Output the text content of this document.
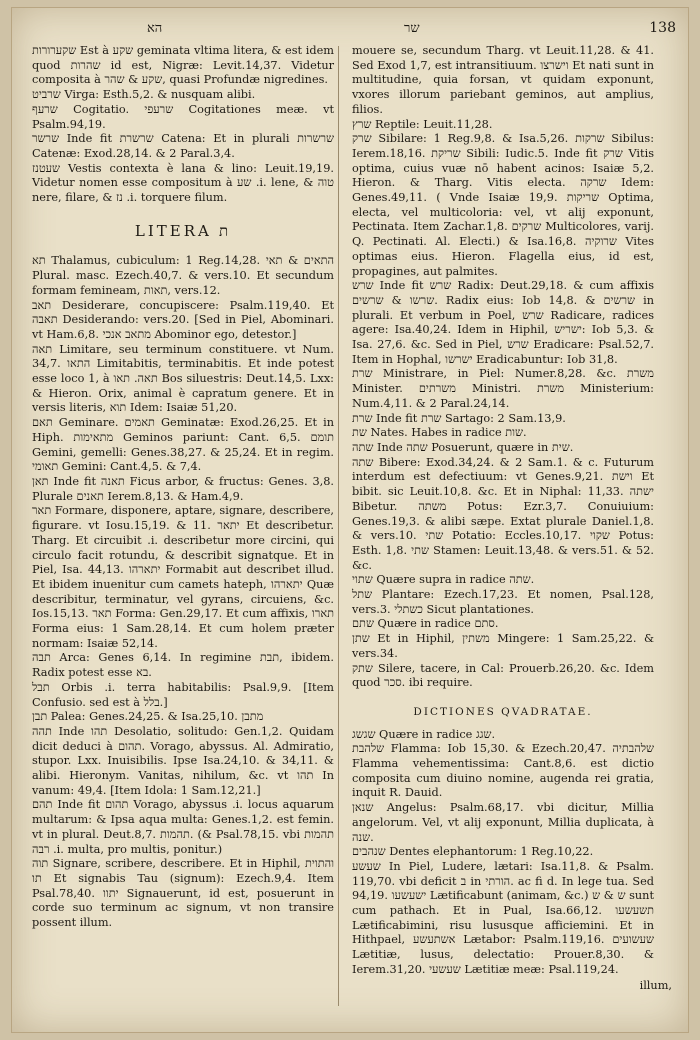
הא	שר	138

שקערורות Est à שקע geminata vltima litera, & est idem quod שהרות id est, Nigræ: Levit.14,37. Videtur composita à שקע & שהר, quasi Profundæ nigredines.

שרביט Virga: Esth.5,2. & nusquam alibi.

שרעף Cogitatio. שרעפי Cogitationes meæ. vt Psalm.94,19.

שרשר Inde fit שרשרת Catena: Et in plurali שרשרות Catenæ: Exod.28,14. & 2 Paral.3,4.

שעטנז Vestis contexta è lana & lino: Leuit.19,19. Videtur nomen esse compositum à שע .i. lene, & טוה nere, filare, & נז .i. torquere filum.

LITERA ת

תא Thalamus, cubiculum: 1 Reg.14,28. התאים & תאי Plural. masc. Ezech.40,7. & vers.10. Et secundum formam femineam, תאות, vers.12.

תאב Desiderare, concupiscere: Psalm.119,40. Et תאבה Desiderando: vers.20. [Sed in Piel, Abominari. vt Ham.6,8. מתאב אנכי Abominor ego, detestor.]

תאה Limitare, seu terminum constituere. vt Num. 34,7. התאו Limitabitis, terminabitis. Et inde potest esse loco 1, à תאה. תאו Bos siluestris: Deut.14,5. Lxx: & Hieron. Orix, animal è capratum genere. Et in versis literis, תוא Idem: Isaiæ 51,20.

תאם Geminare. תאמים Geminatæ: Exod.26,25. Et in Hiph. מתאימות Geminos pariunt: Cant. 6,5. תומם Gemini, gemelli: Genes.38,27. & 25,24. Et in regim. תאומי Gemini: Cant.4,5. & 7,4.

תאן Inde fit תאנה Ficus arbor, & fructus: Genes. 3,8. Plurale תאנים Ierem.8,13. & Ham.4,9.

תאר Formare, disponere, aptare, signare, describere, figurare. vt Iosu.15,19. & 11. יתאר Et describetur. Tharg. Et circuibit .i. describetur more circini, qui circulo facit rotundu, & describit signatque. Et in Piel, Isa. 44,13. יתארהו Formabit aut describet illud. Et ibidem inuenitur cum camets hateph, יתארהו Quæ describitur, terminatur, vel gyrans, circuiens, &c. Ios.15,13. תאר Forma: Gen.29,17. Et cum affixis, תארו Forma eius: 1 Sam.28,14. Et cum holem præter normam: Isaiæ 52,14.

תבה Arca: Genes 6,14. In regimine תבת, ibidem. Radix potest esse בא.

תבל Orbis .i. terra habitabilis: Psal.9,9. [Item Confusio. sed est à בלל.]

תבן Palea: Genes.24,25. & Isa.25,10. מתבן

תהה Inde תהו Desolatio, solitudo: Gen.1,2. Quidam dicit deduci à תהום. Vorago, abyssus. Al. Admiratio, stupor. Lxx. Inuisibilis. Ipse Isa.24,10. & 34,11. & alibi. Hieronym. Vanitas, nihilum, &c. vt תהו In vanum: 49,4. [Item Idola: 1 Sam.12,21.]

תהם Inde fit תהום Vorago, abyssus .i. locus aquarum multarum: & Ipsa aqua multa: Genes.1,2. est femin. vt in plural. Deut.8,7. תהמות. (& Psal.78,15. vbi תהמות רבה .i. multa, pro multis, ponitur.)

תוה Signare, scribere, describere. Et in Hiphil, והתוית תו Et signabis Tau (signum): Ezech.9,4. Item Psal.78,40. יתוו Signauerunt, id est, posuerunt in corde suo terminum ac signum, vt non transire possent illum.

mouere se, secundum Tharg. vt Leuit.11,28. & 41. Sed Exod 1,7, est intransitiuum. וישרצו Et nati sunt in multitudine, quia forsan, vt quidam exponunt, vxores illorum pariebant geminos, aut amplius, filios.

שרץ Reptile: Leuit.11,28.

שרק Sibilare: 1 Reg.9,8. & Isa.5,26. שרקות Sibilus: Ierem.18,16. שריקת Sibili: Iudic.5. Inde fit שרק Vitis optima, cuius vuæ nō habent acinos: Isaiæ 5,2. Hieron. & Tharg. Vitis electa. שרקה Idem: Genes.49,11. ( Vnde Isaiæ 19,9. שריקות Optima, electa, vel multicoloria: vel, vt alij exponunt, Pectinata. Item Zachar.1,8. שרקים Multicolores, varij. Q. Pectinati. Al. Electi.) & Isa.16,8. שרוקיה Vites optimas eius. Hieron. Flagella eius, id est, propagines, aut palmites.

שרש Inde fit שרש Radix: Deut.29,18. & cum affixis שרשו & שרשים. Radix eius: Iob 14,8. & שרשים in plurali. Et verbum in Poel, שרש Radicare, radices agere: Isa.40,24. Idem in Hiphil, ישריש: Iob 5,3. & Isa. 27,6. &c. Sed in Piel, שרש Eradicare: Psal.52,7. Item in Hophal, ישרשו Eradicabuntur: Iob 31,8.

שרת Ministrare, in Piel: Numer.8,28. &c. משרת Minister. משרתים Ministri. משרת Ministerium: Num.4,11. & 2 Paral.24,14.

שרת Inde fit שרת Sartago: 2 Sam.13,9.

שת Nates. Habes in radice שות.

שתה Inde שתה Posuerunt, quære in שית.

שתה Bibere: Exod.34,24. & 2 Sam.1. & c. Futurum interdum est defectiuum: vt Genes.9,21. וישת Et bibit. sic Leuit.10,8. &c. Et in Niphal: 11,33. ישתה Bibetur. משתה Potus: Ezr.3,7. Conuiuium: Genes.19,3. & alibi sæpe. Extat plurale Daniel.1,8. & vers.10. שתי Potatio: Eccles.10,17. שקוי Potus: Esth. 1,8. שתי Stamen: Leuit.13,48. & vers.51. & 52. &c.

שתוי Quære supra in radice שתה.

שתל Plantare: Ezech.17,23. Et nomen, Psal.128, vers.3. כשתלי Sicut plantationes.

שתם Quære in radice סתם.

שתן Et in Hiphil, משתין Mingere: 1 Sam.25,22. & vers.34.

שתק Silere, tacere, in Cal: Prouerb.26,20. &c. Idem quod סכר. ibi require.

DICTIONES QVADRATAE.

שגשג Quære in radice שגג.

שלהבת Flamma: Iob 15,30. & Ezech.20,47. שלהבתיה Flamma vehementissima: Cant.8,6. est dictio composita cum diuino nomine, augenda rei gratia, inquit R. Dauid.

שנאן Angelus: Psalm.68,17. vbi dicitur, Millia angelorum. Vel, vt alij exponunt, Millia duplicata, à שנה.

שנהבים Dentes elephantorum: 1 Reg.10,22.

שעשע In Piel, Ludere, lætari: Isa.11,8. & Psalm. 119,70. vbi deficit ב in הורתי. ac fi d. In lege tua. Sed 94,19. ישעשעו Lætificabunt (animam, &c.) ש & ש sunt cum pathach. Et in Pual, Isa.66,12. תשעשעו Lætificabimini, risu lususque afficiemini. Et in Hithpael, אשתעשע Lætabor: Psalm.119,16. שעשועים Lætitiæ, lusus, delectatio: Prouer.8,30. & Ierem.31,20. שעשעי Lætitiæ meæ: Psal.119,24.

illum,
